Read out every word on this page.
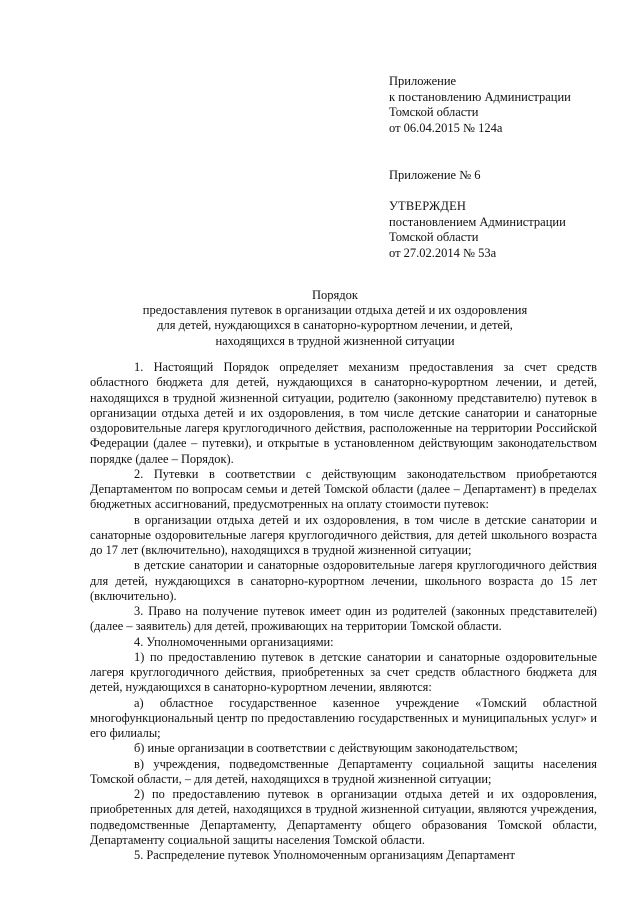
Приложение
к постановлению Администрации
Томской области
от 06.04.2015 № 124а
Приложение № 6
УТВЕРЖДЕН
постановлением Администрации
Томской области
от 27.02.2014 № 53а
Порядок
предоставления путевок в организации отдыха детей и их оздоровления
для детей, нуждающихся в санаторно-курортном лечении, и детей,
находящихся в трудной жизненной ситуации

1. Настоящий Порядок определяет механизм предоставления за счет средств областного бюджета для детей, нуждающихся в санаторно-курортном лечении, и детей, находящихся в трудной жизненной ситуации, родителю (законному представителю) путевок в организации отдыха детей и их оздоровления, в том числе детские санатории и санаторные оздоровительные лагеря круглогодичного действия, расположенные на территории Российской Федерации (далее – путевки), и открытые в установленном действующим законодательством порядке (далее – Порядок).

2. Путевки в соответствии с действующим законодательством приобретаются Департаментом по вопросам семьи и детей Томской области (далее – Департамент) в пределах бюджетных ассигнований, предусмотренных на оплату стоимости путевок:

в организации отдыха детей и их оздоровления, в том числе в детские санатории и санаторные оздоровительные лагеря круглогодичного действия, для детей школьного возраста до 17 лет (включительно), находящихся в трудной жизненной ситуации;

в детские санатории и санаторные оздоровительные лагеря круглогодичного действия для детей, нуждающихся в санаторно-курортном лечении, школьного возраста до 15 лет (включительно).

3. Право на получение путевок имеет один из родителей (законных представителей) (далее – заявитель) для детей, проживающих на территории Томской области.

4. Уполномоченными организациями:

1) по предоставлению путевок в детские санатории и санаторные оздоровительные лагеря круглогодичного действия, приобретенных за счет средств областного бюджета для детей, нуждающихся в санаторно-курортном лечении, являются:

а) областное государственное казенное учреждение «Томский областной многофункциональный центр по предоставлению государственных и муниципальных услуг» и его филиалы;

б) иные организации в соответствии с действующим законодательством;

в) учреждения, подведомственные Департаменту социальной защиты населения Томской области, – для детей, находящихся в трудной жизненной ситуации;

2) по предоставлению путевок в организации отдыха детей и их оздоровления, приобретенных для детей, находящихся в трудной жизненной ситуации, являются учреждения, подведомственные Департаменту, Департаменту общего образования Томской области, Департаменту социальной защиты населения Томской области.

5. Распределение путевок Уполномоченным организациям Департамент
